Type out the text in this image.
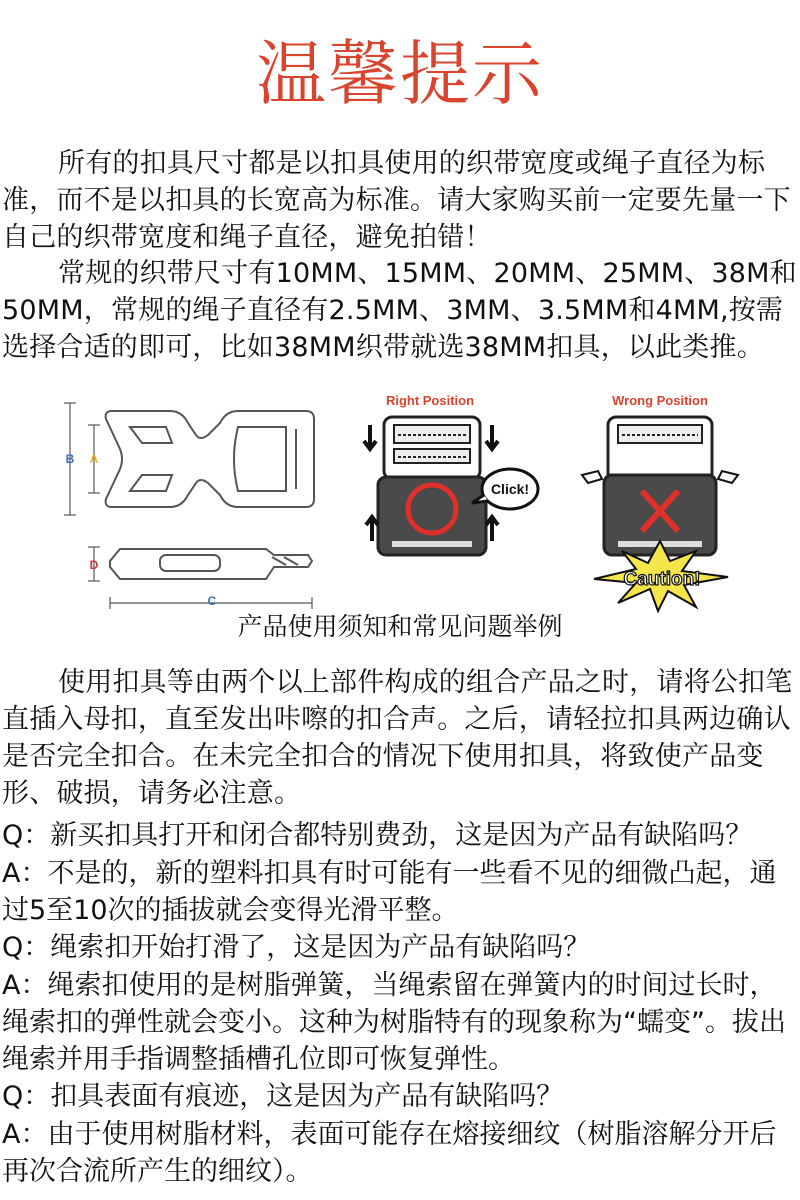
温馨提示
所有的扣具尺寸都是以扣具使用的织带宽度或绳子直径为标准，而不是以扣具的长宽高为标准。请大家购买前一定要先量一下自己的织带宽度和绳子直径，避免拍错！
常规的织带尺寸有10MM、15MM、20MM、25MM、38M和50MM，常规的绳子直径有2.5MM、3MM、3.5MM和4MM,按需选择合适的即可，比如38MM织带就选38MM扣具，以此类推。
B A
D
C
Right Position
Click!
Wrong Position
Caution!
产品使用须知和常见问题举例
使用扣具等由两个以上部件构成的组合产品之时，请将公扣笔直插入母扣，直至发出咔嚓的扣合声。之后，请轻拉扣具两边确认是否完全扣合。在未完全扣合的情况下使用扣具，将致使产品变形、破损，请务必注意。
Q：新买扣具打开和闭合都特别费劲，这是因为产品有缺陷吗？
A：不是的，新的塑料扣具有时可能有一些看不见的细微凸起，通过5至10次的插拔就会变得光滑平整。
Q：绳索扣开始打滑了，这是因为产品有缺陷吗？
A：绳索扣使用的是树脂弹簧，当绳索留在弹簧内的时间过长时，绳索扣的弹性就会变小。这种为树脂特有的现象称为“蠕变”。拔出绳索并用手指调整插槽孔位即可恢复弹性。
Q：扣具表面有痕迹，这是因为产品有缺陷吗？
A：由于使用树脂材料，表面可能存在熔接细纹（树脂溶解分开后再次合流所产生的细纹）。
